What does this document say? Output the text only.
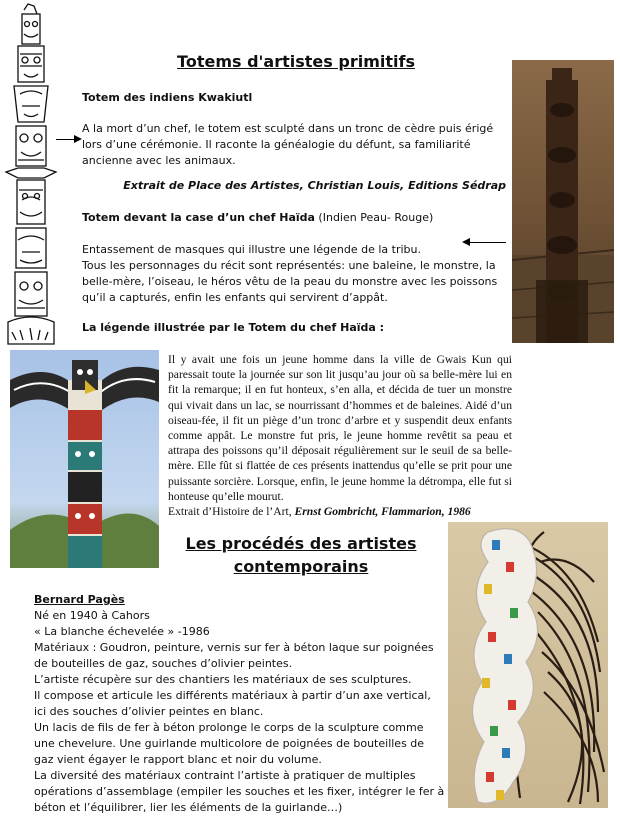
Totems d'artistes primitifs
Totem des indiens Kwakiutl
A la mort d’un chef, le totem est sculpté dans un tronc de cèdre puis érigé lors d’une cérémonie. Il raconte la généalogie du défunt, sa familiarité ancienne avec les animaux.
Extrait de Place des Artistes, Christian Louis, Editions Sédrap
Totem devant la case d’un chef Haïda (Indien Peau- Rouge)
Entassement de masques qui illustre une légende de la tribu.
Tous les personnages du récit sont représentés: une baleine, le monstre, la belle-mère, l’oiseau, le héros vêtu de la peau du monstre avec les poissons qu’il a capturés, enfin les enfants qui servirent d’appât.
La légende illustrée par le Totem du chef Haïda :
Il y avait une fois un jeune homme dans la ville de Gwais Kun qui paressait toute la journée sur son lit jusqu’au jour où sa belle-mère lui en fit la remarque; il en fut honteux, s’en alla, et décida de tuer un monstre qui vivait dans un lac, se nourrissant d’hommes et de baleines. Aidé d’un oiseau-fée, il fit un piège d’un tronc d’arbre et y suspendit deux enfants comme appât. Le monstre fut pris, le jeune homme revêtit sa peau et attrapa des poissons qu’il déposait régulièrement sur le seuil de sa belle-mère. Elle fût si flattée de ces présents inattendus qu’elle se prit pour une puissante sorcière. Lorsque, enfin, le jeune homme la détrompa, elle fut si honteuse qu’elle mourut.
Extrait d’Histoire de l’Art, Ernst Gombricht, Flammarion, 1986
Les procédés des artistes
contemporains
Bernard Pagès
Né en 1940 à Cahors
« La blanche échevelée » -1986
Matériaux : Goudron, peinture, vernis sur fer à béton laque sur poignées de bouteilles de gaz, souches d’olivier peintes.
L’artiste récupère sur des chantiers les matériaux de ses sculptures.
Il compose et articule les différents matériaux à partir d’un axe vertical, ici des souches d’olivier peintes en blanc.
Un lacis de fils de fer à béton prolonge le corps de la sculpture comme une chevelure. Une guirlande multicolore de poignées de bouteilles de gaz vient égayer le rapport blanc et noir du volume.
La diversité des matériaux contraint l’artiste à pratiquer de multiples opérations d’assemblage (empiler les souches et les fixer, intégrer le fer à béton et l’équilibrer, lier les éléments de la guirlande…)
